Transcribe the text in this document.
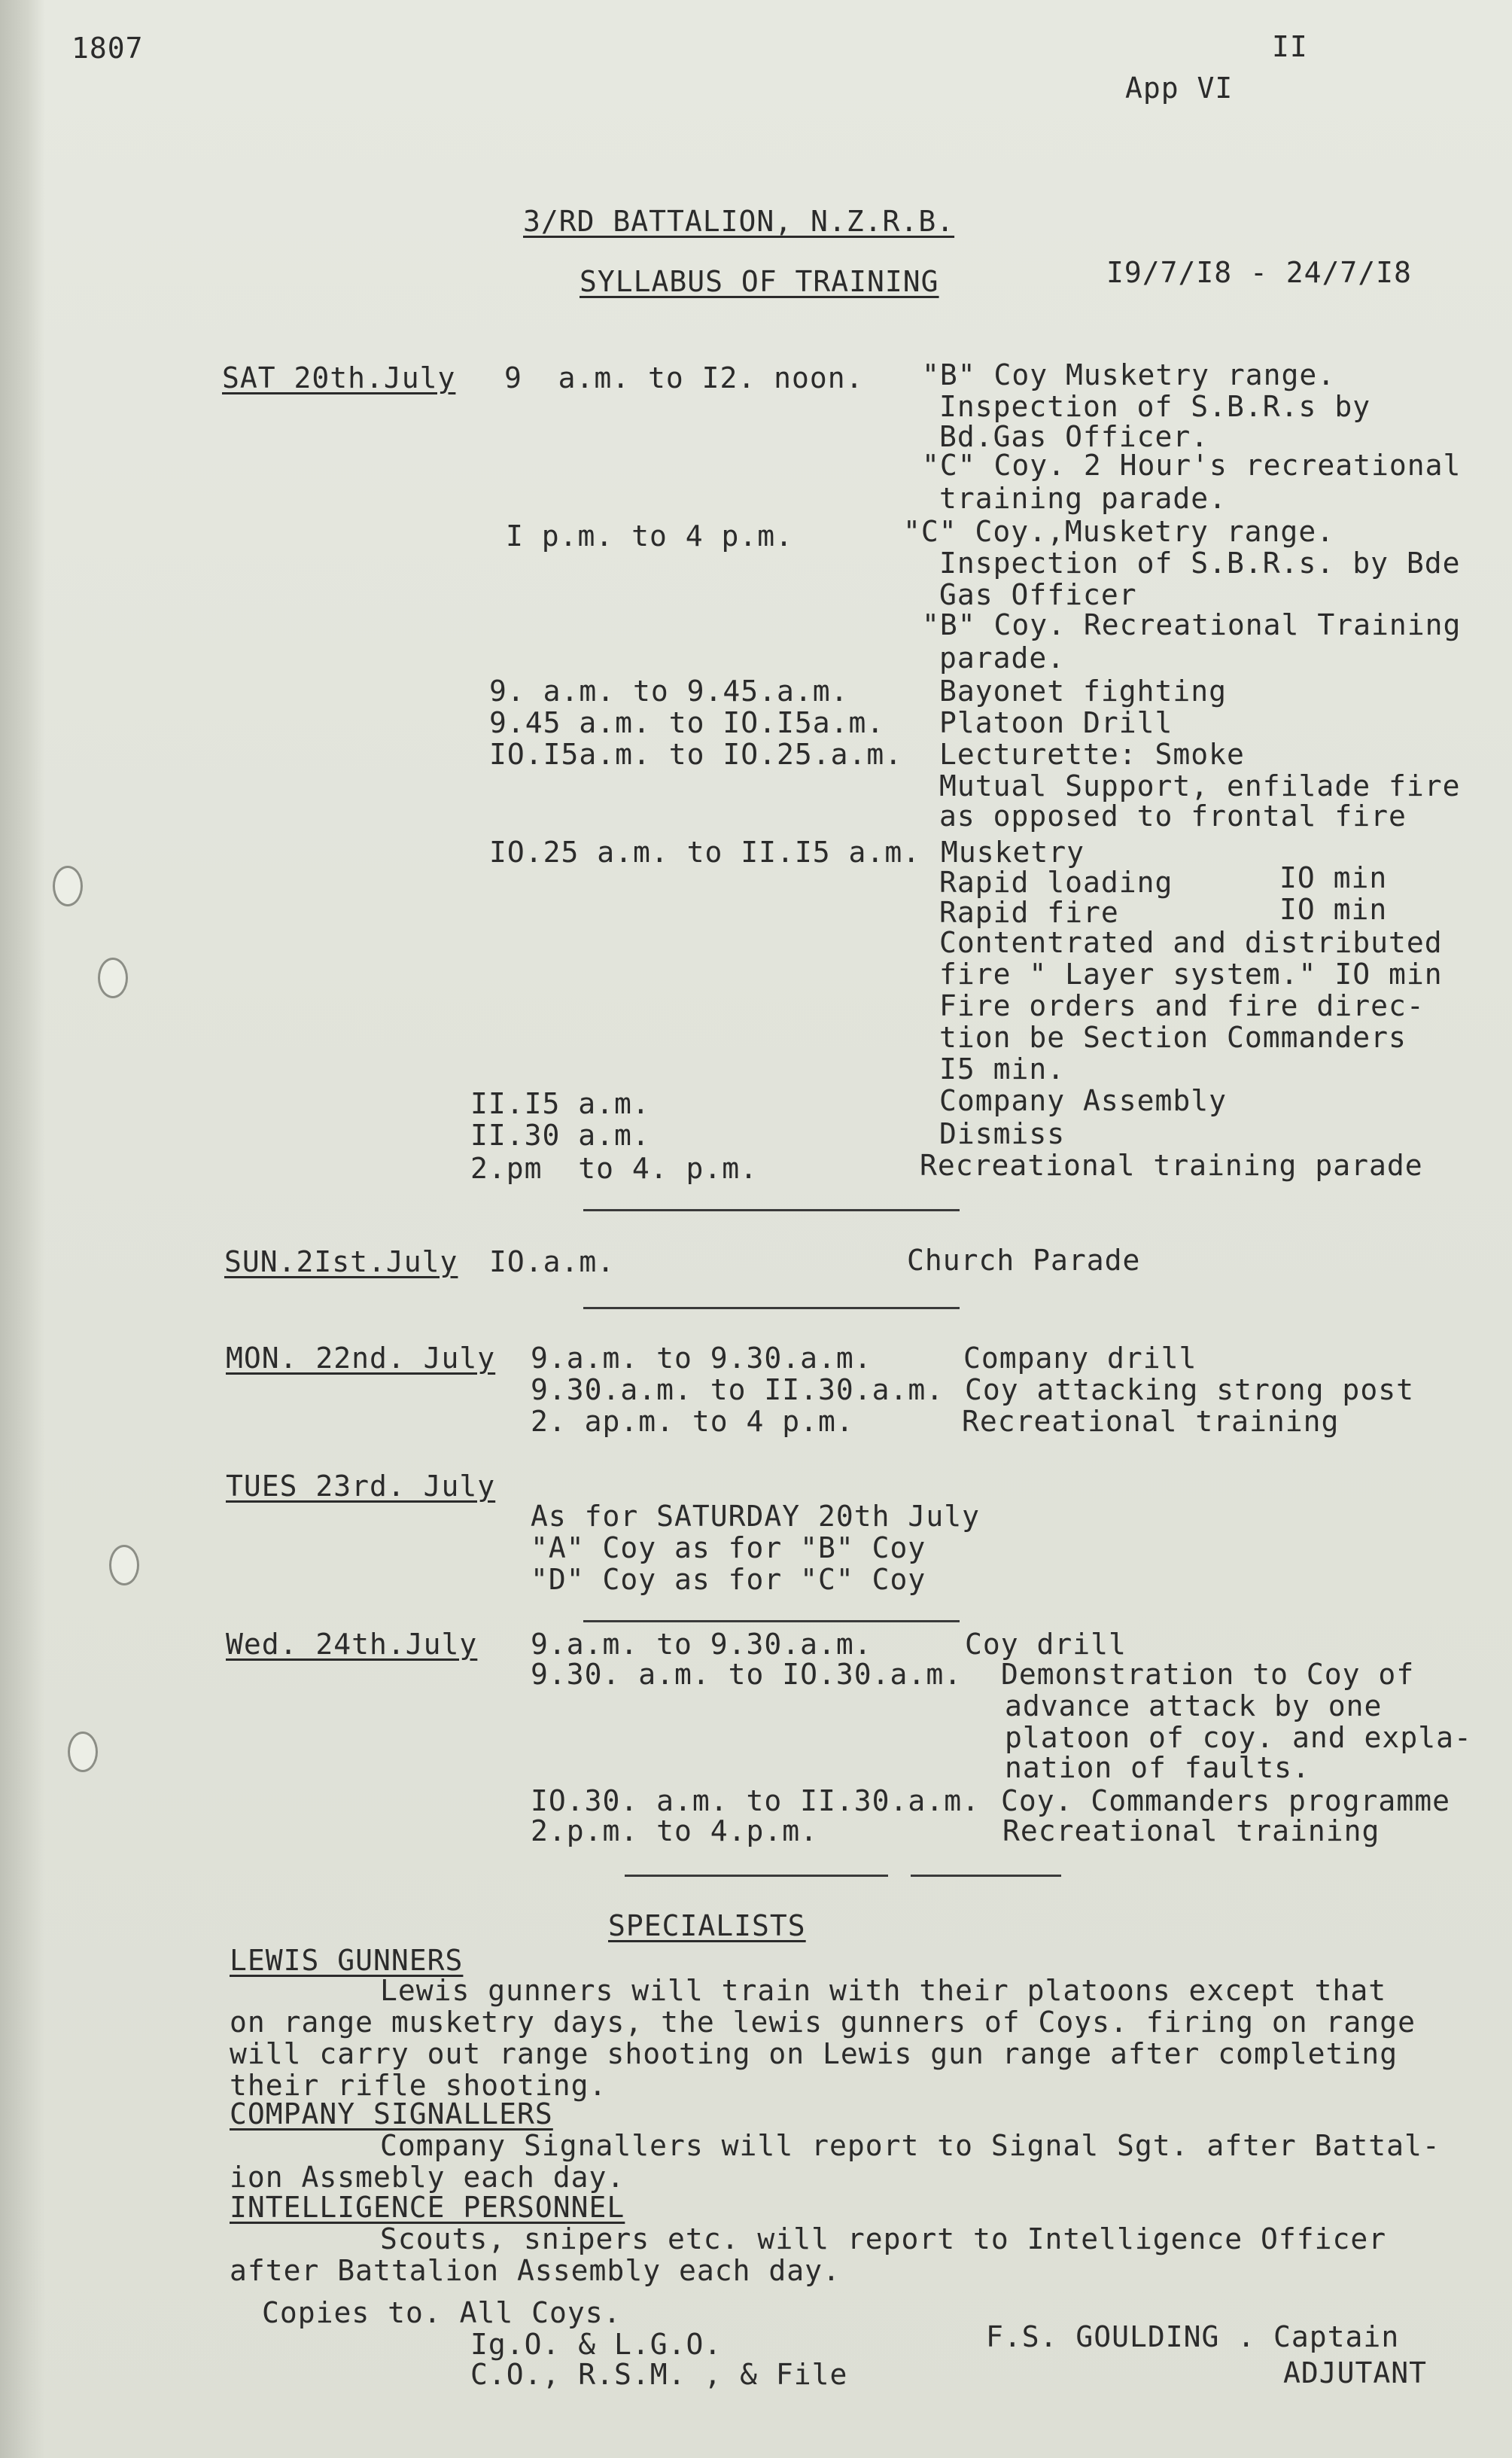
1807	II
App VI
3/RD BATTALION, N.Z.R.B.
SYLLABUS OF TRAINING	I9/7/I8 - 24/7/I8
SAT 20th.July 9  a.m. to I2. noon. "B" Coy Musketry range.
Inspection of S.B.R.s by
Bd.Gas Officer.
"C" Coy. 2 Hour's recreational
training parade.
I p.m. to 4 p.m.	"C" Coy.,Musketry range.
Inspection of S.B.R.s. by Bde
Gas Officer
"B" Coy. Recreational Training
parade.
9. a.m. to 9.45.a.m.	Bayonet fighting
9.45 a.m. to IO.I5a.m. Platoon Drill
IO.I5a.m. to IO.25.a.m. Lecturette: Smoke
Mutual Support, enfilade fire
as opposed to frontal fire
IO.25 a.m. to II.I5 a.m. Musketry
Rapid loading	IO min
Rapid fire	IO min
Contentrated and distributed
fire " Layer system." IO min
Fire orders and fire direc-
tion be Section Commanders
I5 min.
II.I5 a.m.	Company Assembly
II.30 a.m.	Dismiss
2.pm  to 4. p.m.	Recreational training parade
SUN.2Ist.July IO.a.m.	Church Parade
MON. 22nd. July 9.a.m. to 9.30.a.m.	Company drill
9.30.a.m. to II.30.a.m. Coy attacking strong post
2. ap.m. to 4 p.m.	Recreational training
TUES 23rd. July
As for SATURDAY 20th July
"A" Coy as for "B" Coy
"D" Coy as for "C" Coy
Wed. 24th.July 9.a.m. to 9.30.a.m.	Coy drill
9.30. a.m. to IO.30.a.m. Demonstration to Coy of
advance attack by one
platoon of coy. and expla-
nation of faults.
IO.30. a.m. to II.30.a.m. Coy. Commanders programme
2.p.m. to 4.p.m.	Recreational training
SPECIALISTS
LEWIS GUNNERS
Lewis gunners will train with their platoons except that
on range musketry days, the lewis gunners of Coys. firing on range
will carry out range shooting on Lewis gun range after completing
their rifle shooting.
COMPANY SIGNALLERS
Company Signallers will report to Signal Sgt. after Battal-
ion Assmebly each day.
INTELLIGENCE PERSONNEL
Scouts, snipers etc. will report to Intelligence Officer
after Battalion Assembly each day.
Copies to. All Coys.
Ig.O. & L.G.O.
C.O., R.S.M. , & File
F.S. GOULDING . Captain
ADJUTANT
